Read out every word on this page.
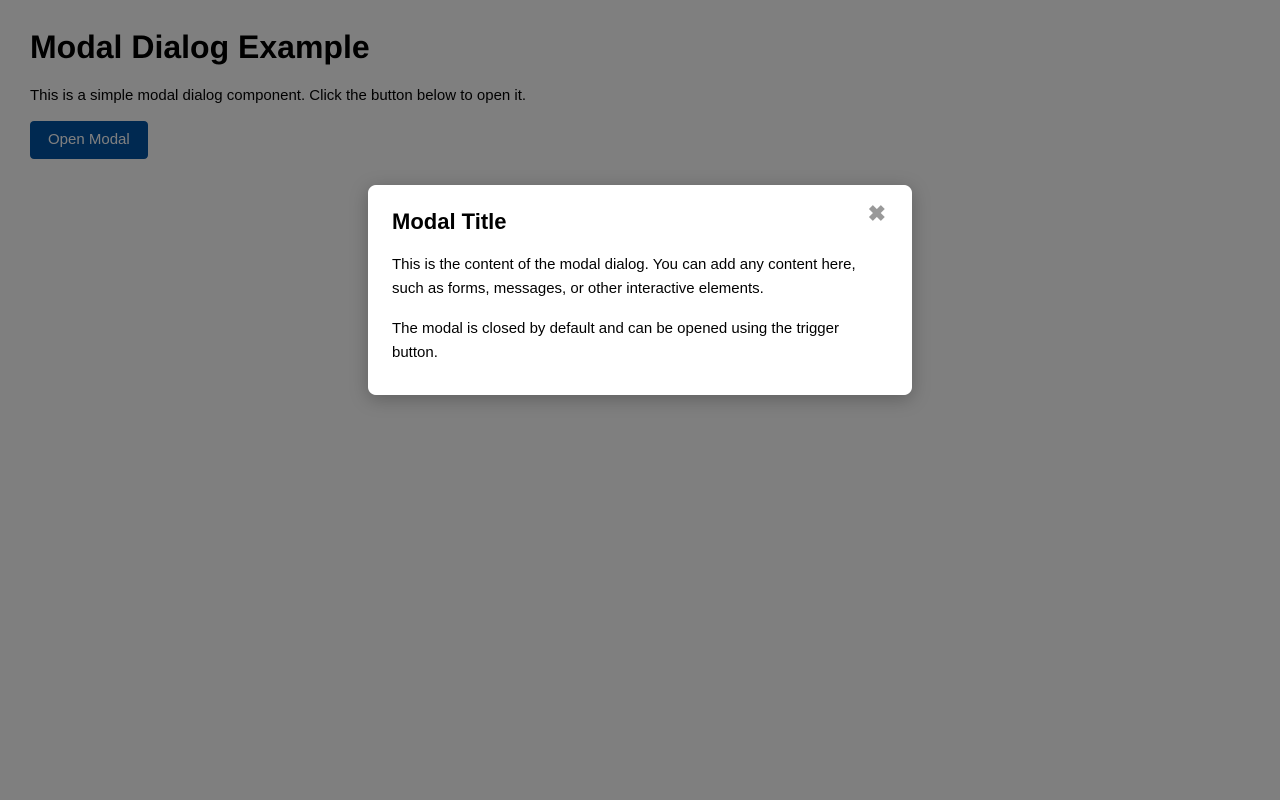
✖
Modal Title

This is the content of the modal dialog. You can add any content here, such as forms, messages, or other interactive elements.

The modal is closed by default and can be opened using the trigger button.
